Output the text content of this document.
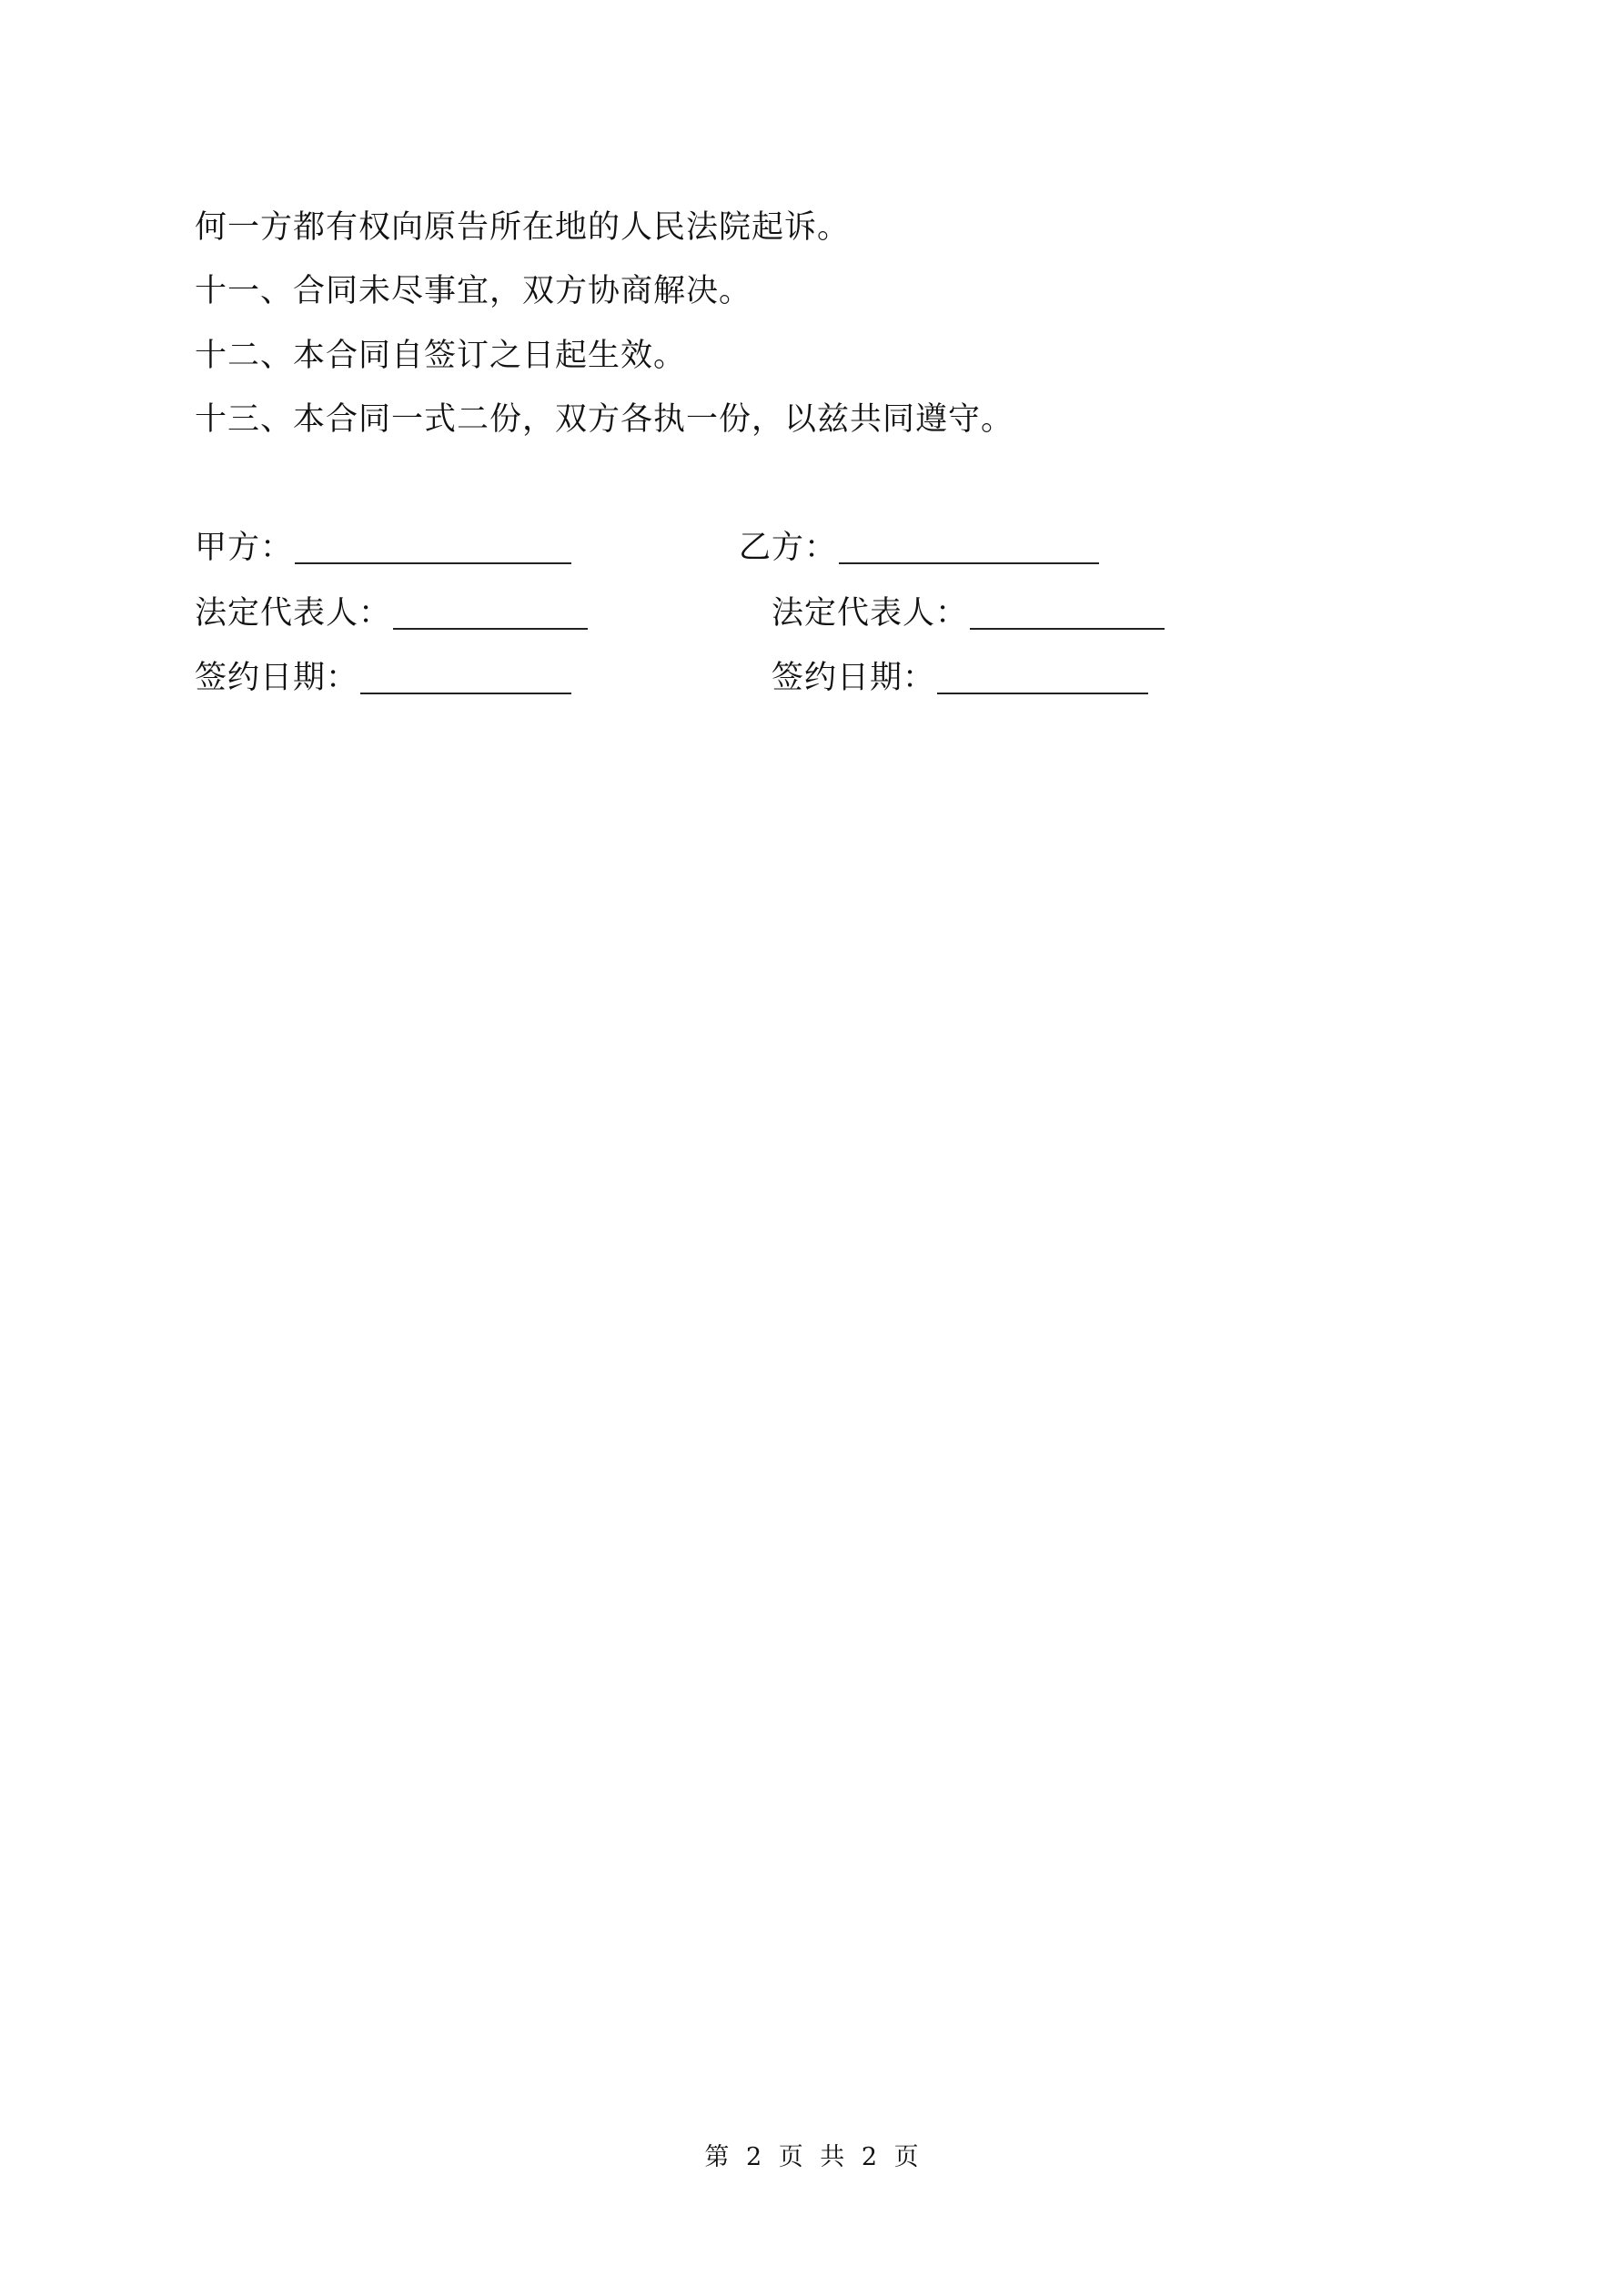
何一方都有权向原告所在地的人民法院起诉。
十一、合同未尽事宜，双方协商解决。
十二、本合同自签订之日起生效。
十三、本合同一式二份，双方各执一份，以兹共同遵守。
甲方：	乙方：
法定代表人：	法定代表人：
签约日期：	签约日期：
第 2 页 共 2 页
